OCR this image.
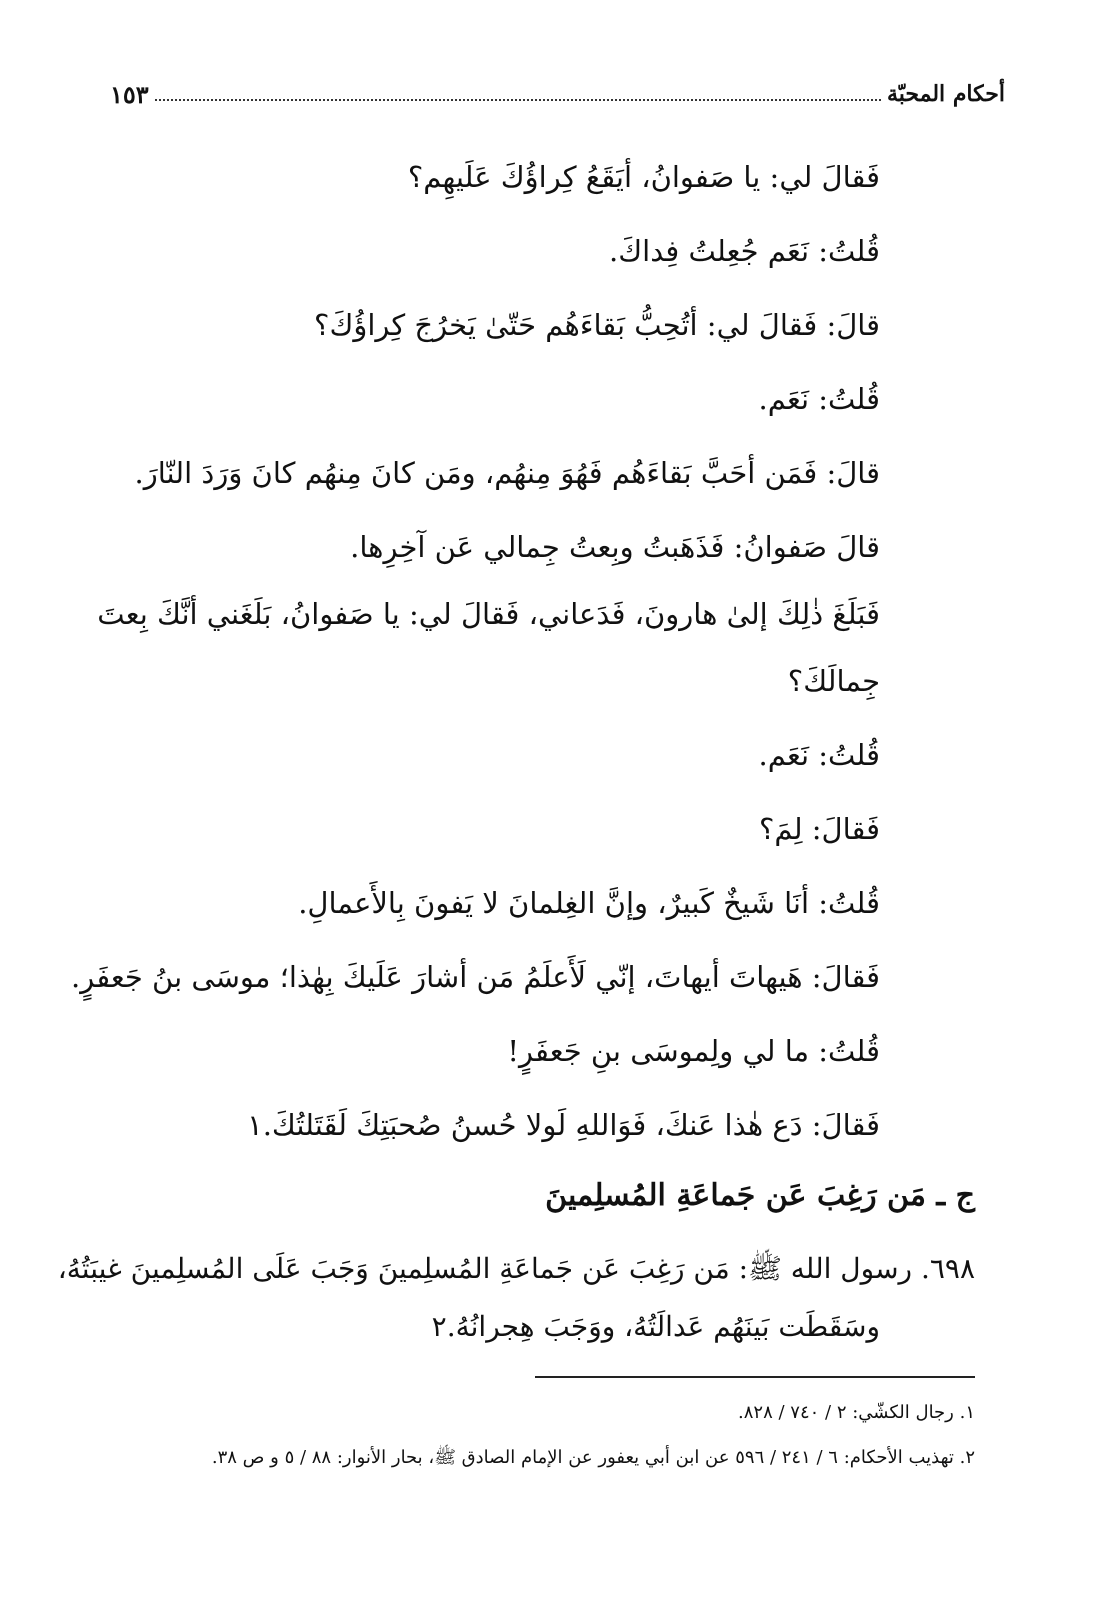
أحكام المحبّة
١٥٣
فَقالَ لي: يا صَفوانُ، أيَقَعُ كِراؤُكَ عَلَيهِم؟
قُلتُ: نَعَم جُعِلتُ فِداكَ.
قالَ: فَقالَ لي: أتُحِبُّ بَقاءَهُم حَتّىٰ يَخرُجَ كِراؤُكَ؟
قُلتُ: نَعَم.
قالَ: فَمَن أحَبَّ بَقاءَهُم فَهُوَ مِنهُم، ومَن كانَ مِنهُم كانَ وَرَدَ النّارَ.
قالَ صَفوانُ: فَذَهَبتُ وبِعتُ جِمالي عَن آخِرِها.
فَبَلَغَ ذٰلِكَ إلىٰ هارونَ، فَدَعاني، فَقالَ لي: يا صَفوانُ، بَلَغَني أنَّكَ بِعتَ
جِمالَكَ؟
قُلتُ: نَعَم.
فَقالَ: لِمَ؟
قُلتُ: أنَا شَيخٌ كَبيرٌ، وإنَّ الغِلمانَ لا يَفونَ بِالأَعمالِ.
فَقالَ: هَيهاتَ أيهاتَ، إنّي لَأَعلَمُ مَن أشارَ عَلَيكَ بِهٰذا؛ موسَى بنُ جَعفَرٍ.
قُلتُ: ما لي ولِموسَى بنِ جَعفَرٍ!
فَقالَ: دَع هٰذا عَنكَ، فَوَاللهِ لَولا حُسنُ صُحبَتِكَ لَقَتَلتُكَ.١
ج ـ مَن رَغِبَ عَن جَماعَةِ المُسلِمينَ
٦٩٨. رسول الله ﷺ: مَن رَغِبَ عَن جَماعَةِ المُسلِمينَ وَجَبَ عَلَى المُسلِمينَ غيبَتُهُ،
وسَقَطَت بَينَهُم عَدالَتُهُ، ووَجَبَ هِجرانُهُ.٢
١. رجال الكشّي: ٢ / ٧٤٠ / ٨٢٨.
٢. تهذيب الأحكام: ٦ / ٢٤١ / ٥٩٦ عن ابن أبي يعفور عن الإمام الصادق ﷺ، بحار الأنوار: ٨٨ / ٥ و ص ٣٨.
